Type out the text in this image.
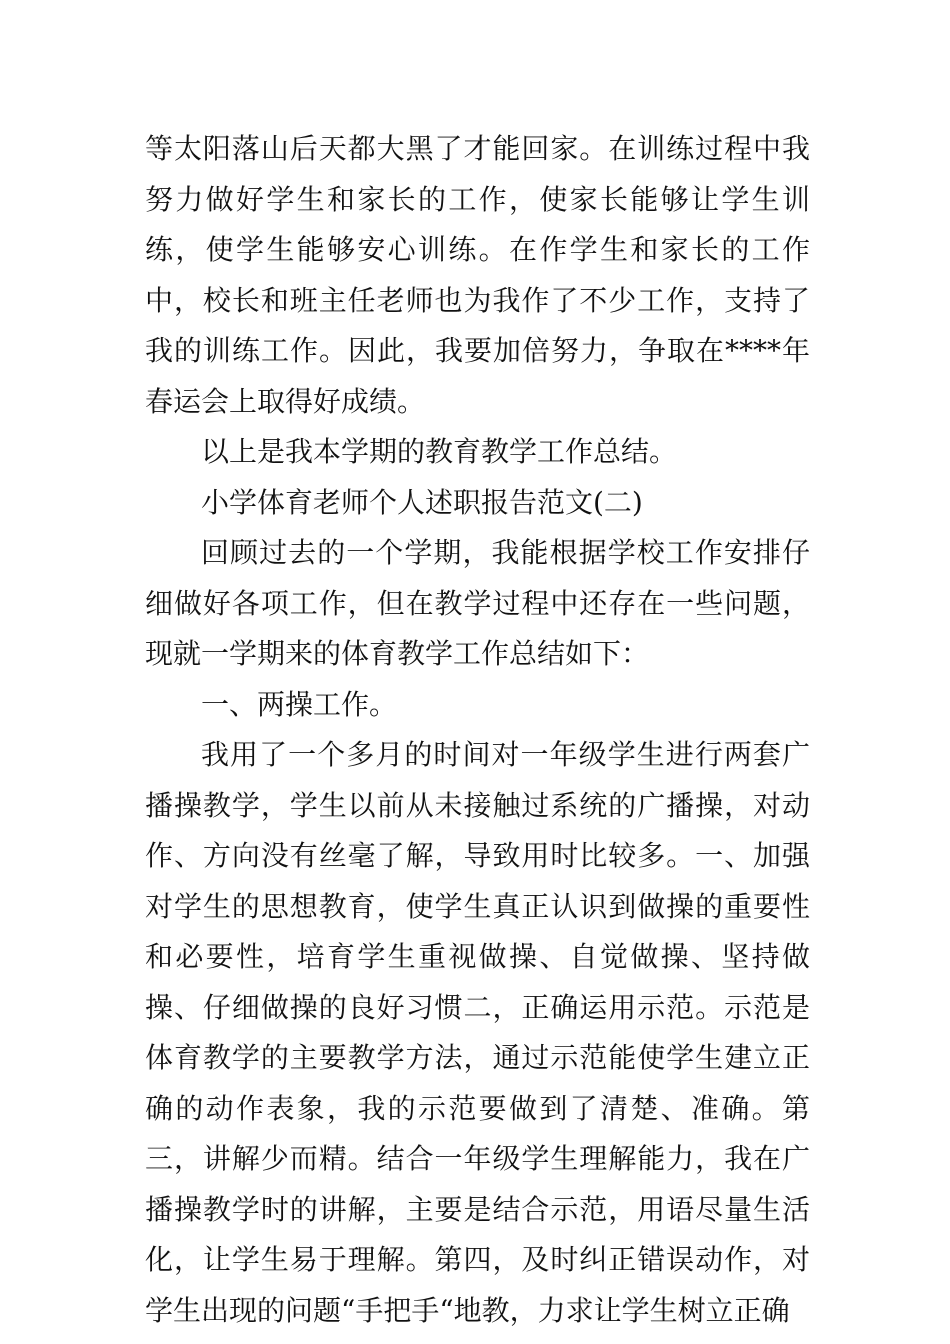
等太阳落山后天都大黑了才能回家。在训练过程中我努力做好学生和家长的工作，使家长能够让学生训练，使学生能够安心训练。在作学生和家长的工作中，校长和班主任老师也为我作了不少工作，支持了我的训练工作。因此，我要加倍努力，争取在****年春运会上取得好成绩。

以上是我本学期的教育教学工作总结。

小学体育老师个人述职报告范文(二)

回顾过去的一个学期，我能根据学校工作安排仔细做好各项工作，但在教学过程中还存在一些问题，现就一学期来的体育教学工作总结如下：

一、两操工作。

我用了一个多月的时间对一年级学生进行两套广播操教学，学生以前从未接触过系统的广播操，对动作、方向没有丝毫了解，导致用时比较多。一、加强对学生的思想教育，使学生真正认识到做操的重要性和必要性，培育学生重视做操、自觉做操、坚持做操、仔细做操的良好习惯二，正确运用示范。示范是体育教学的主要教学方法，通过示范能使学生建立正确的动作表象，我的示范要做到了清楚、准确。第三，讲解少而精。结合一年级学生理解能力，我在广播操教学时的讲解，主要是结合示范，用语尽量生活化，让学生易于理解。第四，及时纠正错误动作，对学生出现的问题“手把手“地教，力求让学生树立正确
